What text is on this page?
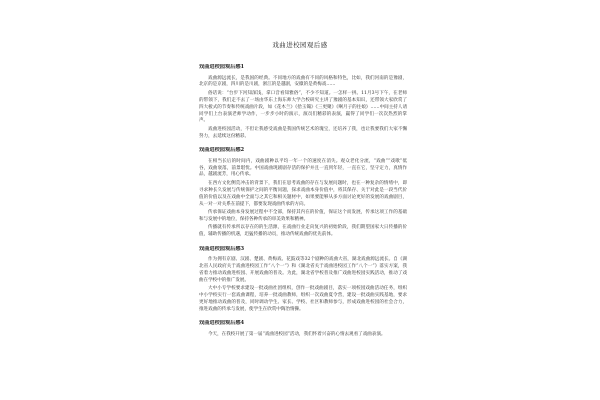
戏曲进校园观后感
戏曲进校园观后感1

戏曲源远流长，是我国的经典。不同地方的戏曲有不同的风格和特色，比如，我们河南的是豫剧，北京的是京剧，四川的是川剧，浙江的是越剧，安徽的是黄梅戏……

俗话说：“台步下河知深浅，拿口音看知雅俗”，不少不知道。一怎样一拼。11月3号下午，在老师的带领下，我们走不去了一场由华东上海东师大学合校研究主讲了豫剧的基本知识，还带领大家欣赏了四大板式的节奏和传统戏曲片段，如《花木兰》《拾玉镯》《三更聚》《啊月子的往娘》……中间主持人请同学们上台表演老师学动作，一步步小时的演示，演员们精彩的表演，赢得了同学们一次次热烈的掌声。

戏曲进校园活动，不但让我感受戏曲是我国传统艺术的瑰宝，还培养了我，也让我要我们大家不懈努力，去延续这份精彩。

戏曲进校园观后感2

在相当长后的时间内，戏曲剧种以平均一年一个的速度在消失。观众老化分流，“戏曲”“戏歌”低谷，戏曲衰落，前景堪忧。中国戏曲现剧剧存活的保护并且一直到年轻，一直在它，坚守定力，真情作品，越剧流芳，用心传承。

在西方文化侧荒冲击的背景下，我们在思考戏曲的存在与发展问题时，也在一种复杂的情绪中，即寻求种长久发展与传统保护之间的平衡问题，探求戏曲本身价值中，将其保存、关于对此是一段当代价值的价值以及在戏曲中全面与之其它和相关题材中，如果要能够从多方面讨论更好的发展的戏曲剧目，从一对一对关系在前提下，都要发现戏曲传承的方向。

传承保证戏曲本身发展过程中不全部，保持其内在的价值，保证这个而发展，传承这项工作的基础和与发展中的地位，保持各种传承的审美效果和精神。

传播就有传承所以存在的的生活源，在戏曲行业走向复兴的初始阶段，我们期望国家大日传播的价值，辅助传播的机遇，迅猛传播的动员，推动传统戏曲的优先前体。

戏曲进校园观后感3

作为拥有京剧、汉剧、楚剧、黄梅戏、花鼓戏等32个剧种的戏曲大省，湖北戏曲源远流长。自《湖北省人民政府关于戏曲进校园工作“八个一”》和《湖北省关于戏曲进校园工作“八个一”》落实方案，我省着力推动戏曲进校园、开展戏曲的普及。为此，湖北省学校普及推广戏曲进校园实践活动，推动了戏曲在学校中的推广发展。

大中小专学校要求建设一批戏曲社团组织，创作一批戏曲剧目，落实一项校园戏曲活动任务，组织中小学校实行一套戏曲课程，培养一批戏曲教师，组织一次戏曲夏令营，建设一批戏曲实践基地，要求更好地推动戏曲的普及，同时调动学生、家长、学校、社区和教师参与，形成戏曲进校园的社会合力，推进戏曲的传承与发展，使学生在欣赏中陶冶情操。

戏曲进校园观后感4

今天，在我校开展了第一届“戏曲进校园”活动，我们怀着兴奋的心情去观看了戏曲表演。
